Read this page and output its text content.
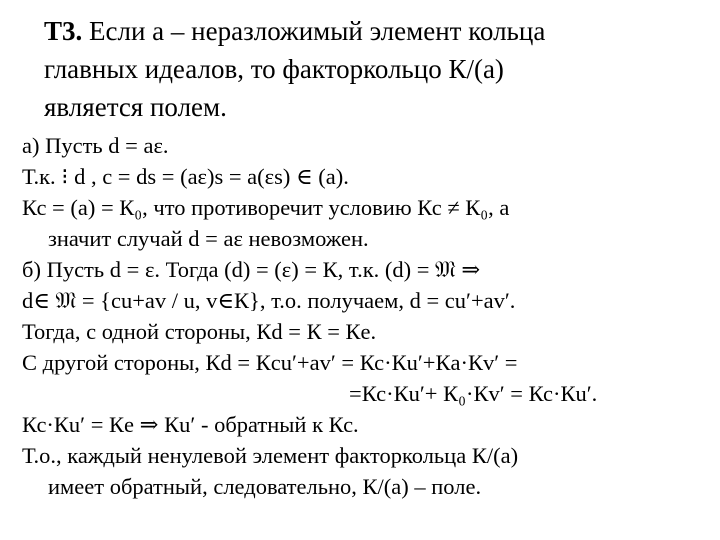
Т3. Если a – неразложимый элемент кольца
главных идеалов, то факторкольцо К/(a)
является полем.
а) Пусть d = aε.
Т.к. ⁝ d , c = ds = (aε)s = a(εs) ∈ (a).
Кс = (a) = К₀, что противоречит условию Кс ≠ К₀, а
значит случай d = aε невозможен.
б) Пусть d = ε. Тогда (d) = (ε) = К, т.к. (d) = 𝔐 ⇒
d∈ 𝔐 = {cu+av / u, v∈К}, т.о. получаем, d = cu′+av′.
Тогда, с одной стороны, Кd = К = Кe.
С другой стороны, Кd = Кcu′+av′ = Кс·Кu′+Кa·Кv′ =
=Кс·Кu′+ К₀·Кv′ = Кс·Кu′.
Кс·Кu′ = Кe ⇒ Кu′ - обратный к Кс.
Т.о., каждый ненулевой элемент факторкольца К/(a)
имеет обратный, следовательно, К/(a) – поле.
